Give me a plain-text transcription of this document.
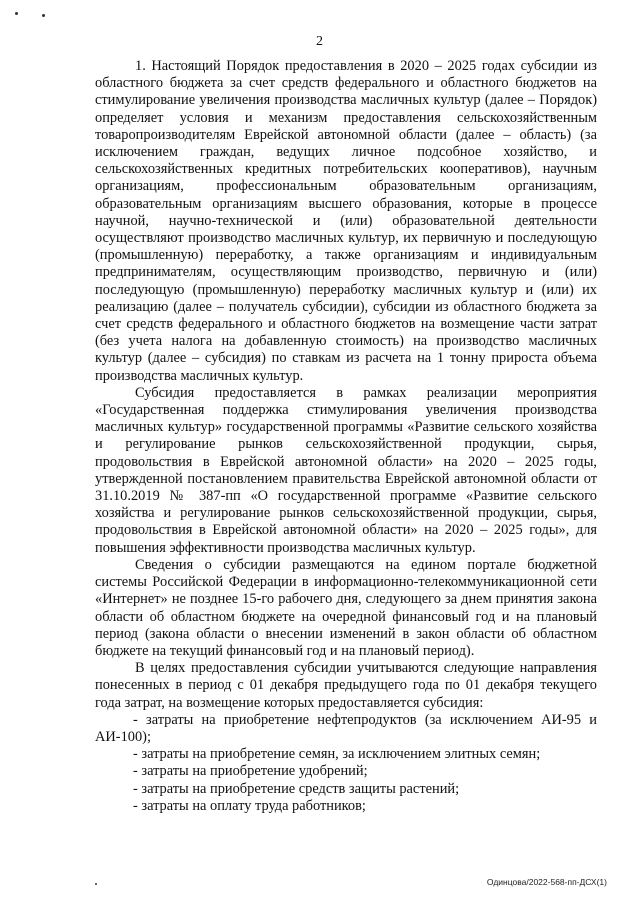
2

1. Настоящий Порядок предоставления в 2020 – 2025 годах субсидии из областного бюджета за счет средств федерального и областного бюджетов на стимулирование увеличения производства масличных культур (далее – Порядок) определяет условия и механизм предоставления сельскохозяйственным товаропроизводителям Еврейской автономной области (далее – область) (за исключением граждан, ведущих личное подсобное хозяйство, и сельскохозяйственных кредитных потребительских кооперативов), научным организациям, профессиональным образовательным организациям, образовательным организациям высшего образования, которые в процессе научной, научно-технической и (или) образовательной деятельности осуществляют производство масличных культур, их первичную и последующую (промышленную) переработку, а также организациям и индивидуальным предпринимателям, осуществляющим производство, первичную и (или) последующую (промышленную) переработку масличных культур и (или) их реализацию (далее – получатель субсидии), субсидии из областного бюджета за счет средств федерального и областного бюджетов на возмещение части затрат (без учета налога на добавленную стоимость) на производство масличных культур (далее – субсидия) по ставкам из расчета на 1 тонну прироста объема производства масличных культур.

Субсидия предоставляется в рамках реализации мероприятия «Государственная поддержка стимулирования увеличения производства масличных культур» государственной программы «Развитие сельского хозяйства и регулирование рынков сельскохозяйственной продукции, сырья, продовольствия в Еврейской автономной области» на 2020 – 2025 годы, утвержденной постановлением правительства Еврейской автономной области от 31.10.2019 № 387-пп «О государственной программе «Развитие сельского хозяйства и регулирование рынков сельскохозяйственной продукции, сырья, продовольствия в Еврейской автономной области» на 2020 – 2025 годы», для повышения эффективности производства масличных культур.

Сведения о субсидии размещаются на едином портале бюджетной системы Российской Федерации в информационно-телекоммуникационной сети «Интернет» не позднее 15-го рабочего дня, следующего за днем принятия закона области об областном бюджете на очередной финансовый год и на плановый период (закона области о внесении изменений в закон области об областном бюджете на текущий финансовый год и на плановый период).

В целях предоставления субсидии учитываются следующие направления понесенных в период с 01 декабря предыдущего года по 01 декабря текущего года затрат, на возмещение которых предоставляется субсидия:

- затраты на приобретение нефтепродуктов (за исключением АИ-95 и АИ-100);
- затраты на приобретение семян, за исключением элитных семян;
- затраты на приобретение удобрений;
- затраты на приобретение средств защиты растений;
- затраты на оплату труда работников;
Одинцова/2022-568-пп-ДСХ(1)
